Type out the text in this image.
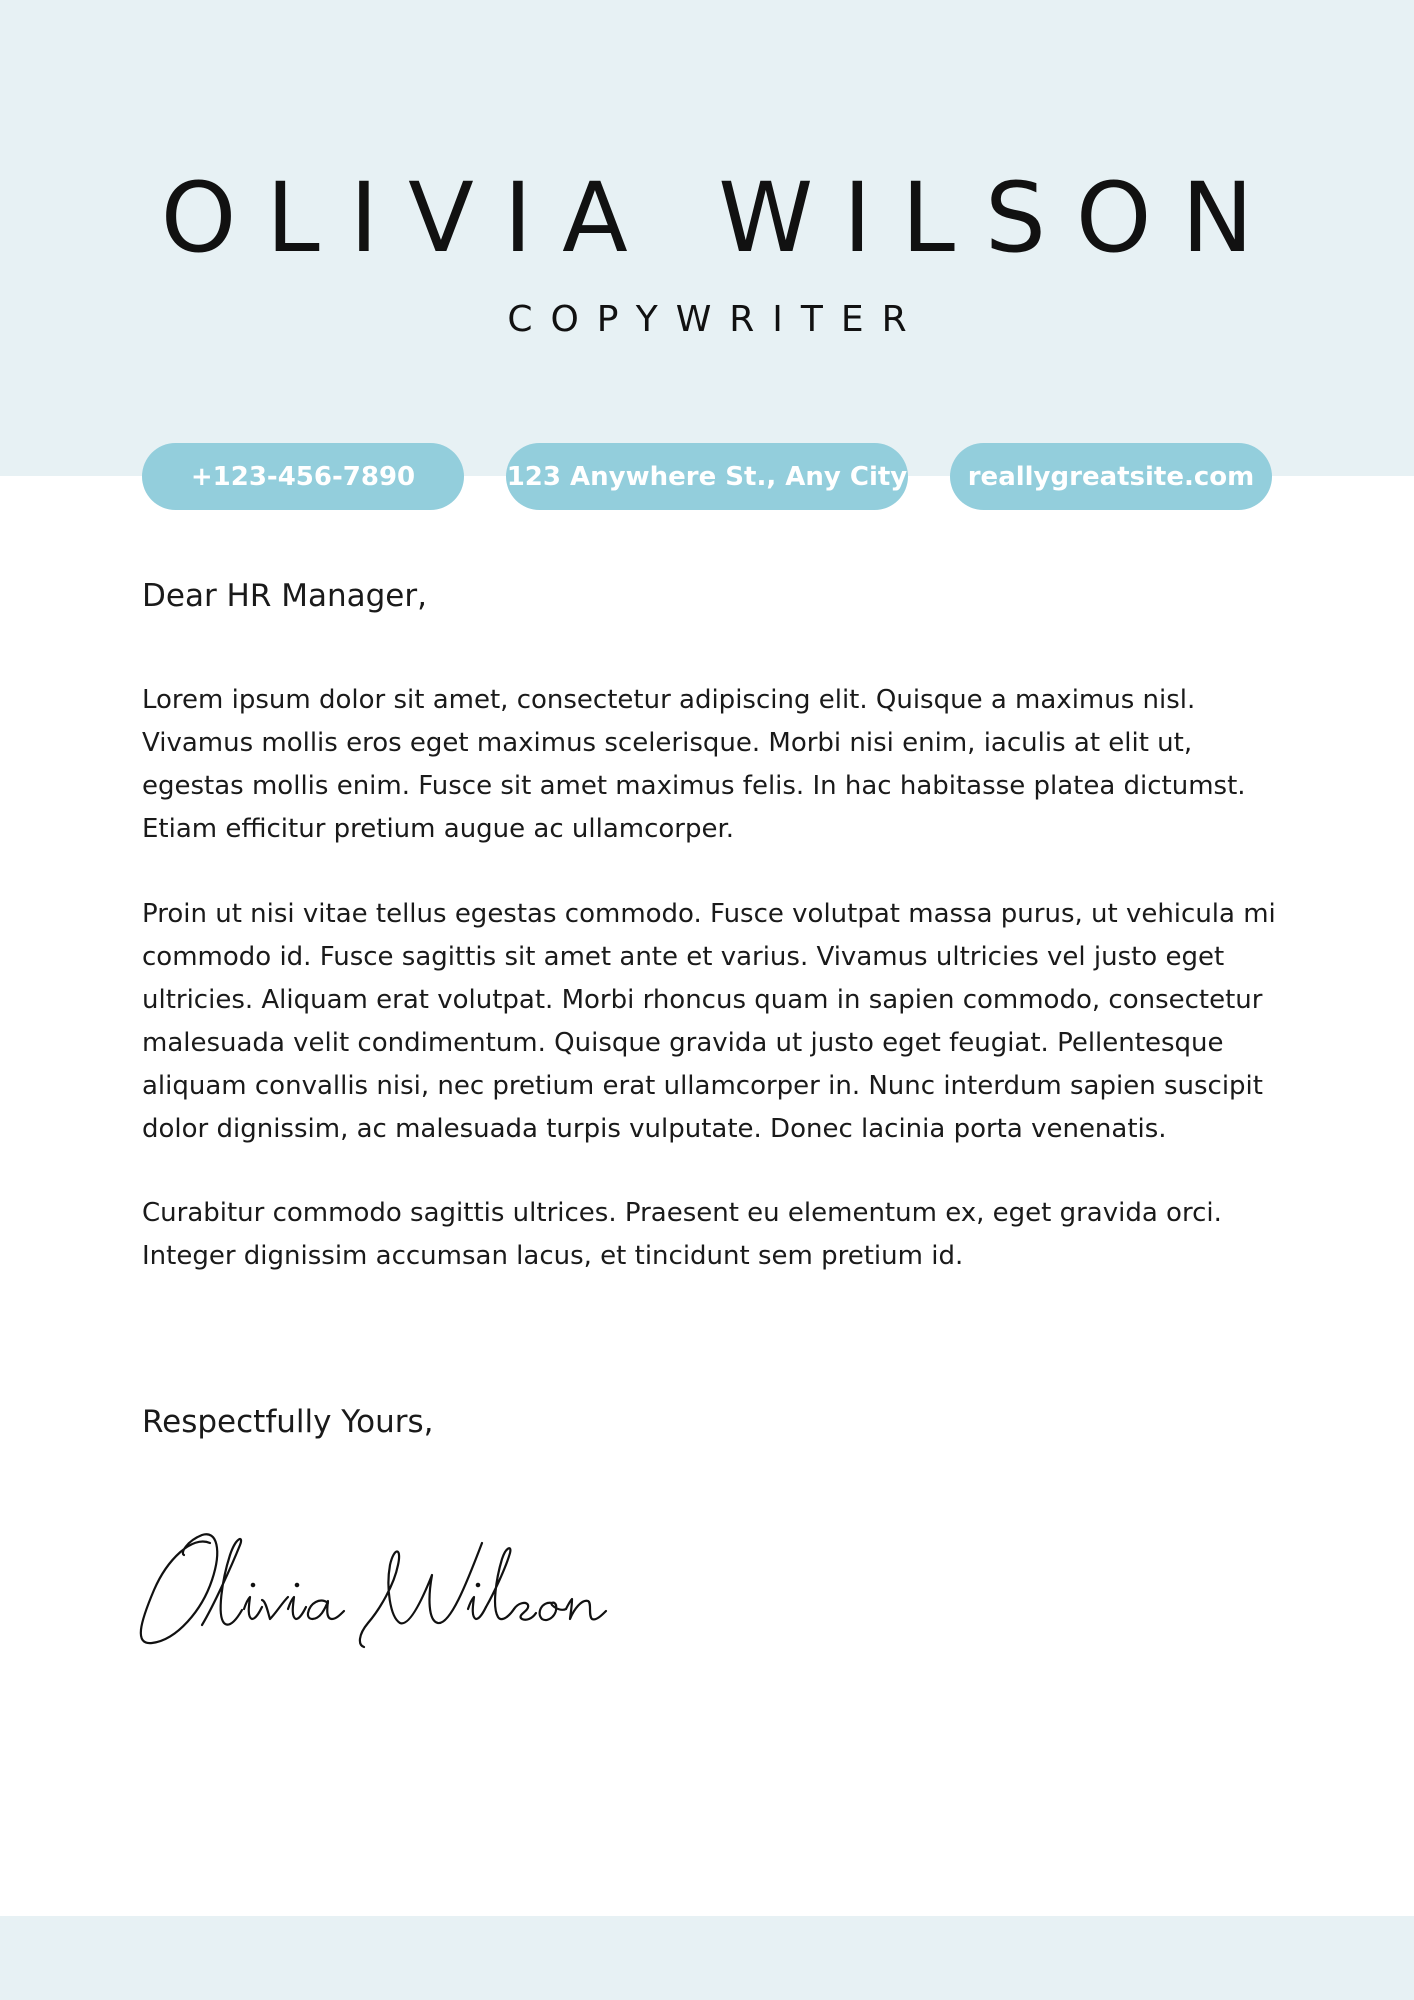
OLIVIA WILSON
COPYWRITER
+123-456-7890	123 Anywhere St., Any City	reallygreatsite.com
Dear HR Manager,

Lorem ipsum dolor sit amet, consectetur adipiscing elit. Quisque a maximus nisl. Vivamus mollis eros eget maximus scelerisque. Morbi nisi enim, iaculis at elit ut, egestas mollis enim. Fusce sit amet maximus felis. In hac habitasse platea dictumst. Etiam efficitur pretium augue ac ullamcorper.

Proin ut nisi vitae tellus egestas commodo. Fusce volutpat massa purus, ut vehicula mi commodo id. Fusce sagittis sit amet ante et varius. Vivamus ultricies vel justo eget ultricies. Aliquam erat volutpat. Morbi rhoncus quam in sapien commodo, consectetur malesuada velit condimentum. Quisque gravida ut justo eget feugiat. Pellentesque aliquam convallis nisi, nec pretium erat ullamcorper in. Nunc interdum sapien suscipit dolor dignissim, ac malesuada turpis vulputate. Donec lacinia porta venenatis.

Curabitur commodo sagittis ultrices. Praesent eu elementum ex, eget gravida orci. Integer dignissim accumsan lacus, et tincidunt sem pretium id.

Respectfully Yours,
